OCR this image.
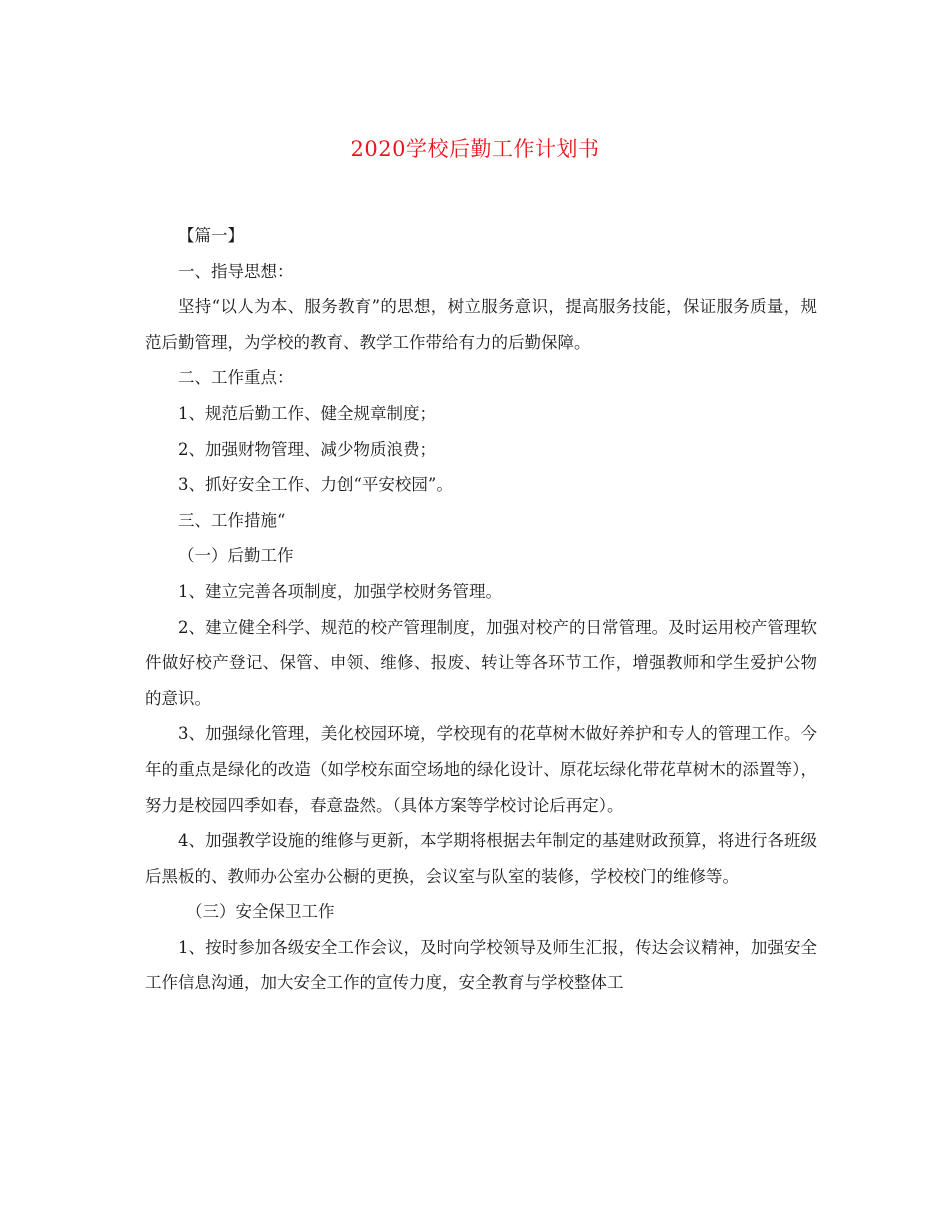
2020学校后勤工作计划书

【篇一】

一、指导思想：

坚持“以人为本、服务教育”的思想，树立服务意识，提高服务技能，保证服务质量，规范后勤管理，为学校的教育、教学工作带给有力的后勤保障。

二、工作重点：

1、规范后勤工作、健全规章制度；

2、加强财物管理、减少物质浪费；

3、抓好安全工作、力创“平安校园”。

三、工作措施“

（一）后勤工作

1、建立完善各项制度，加强学校财务管理。

2、建立健全科学、规范的校产管理制度，加强对校产的日常管理。及时运用校产管理软件做好校产登记、保管、申领、维修、报废、转让等各环节工作，增强教师和学生爱护公物的意识。

3、加强绿化管理，美化校园环境，学校现有的花草树木做好养护和专人的管理工作。今年的重点是绿化的改造（如学校东面空场地的绿化设计、原花坛绿化带花草树木的添置等），努力是校园四季如春，春意盎然。（具体方案等学校讨论后再定）。

4、加强教学设施的维修与更新，本学期将根据去年制定的基建财政预算，将进行各班级后黑板的、教师办公室办公橱的更换，会议室与队室的装修，学校校门的维修等。

（三）安全保卫工作

1、按时参加各级安全工作会议，及时向学校领导及师生汇报，传达会议精神，加强安全工作信息沟通，加大安全工作的宣传力度，安全教育与学校整体工
